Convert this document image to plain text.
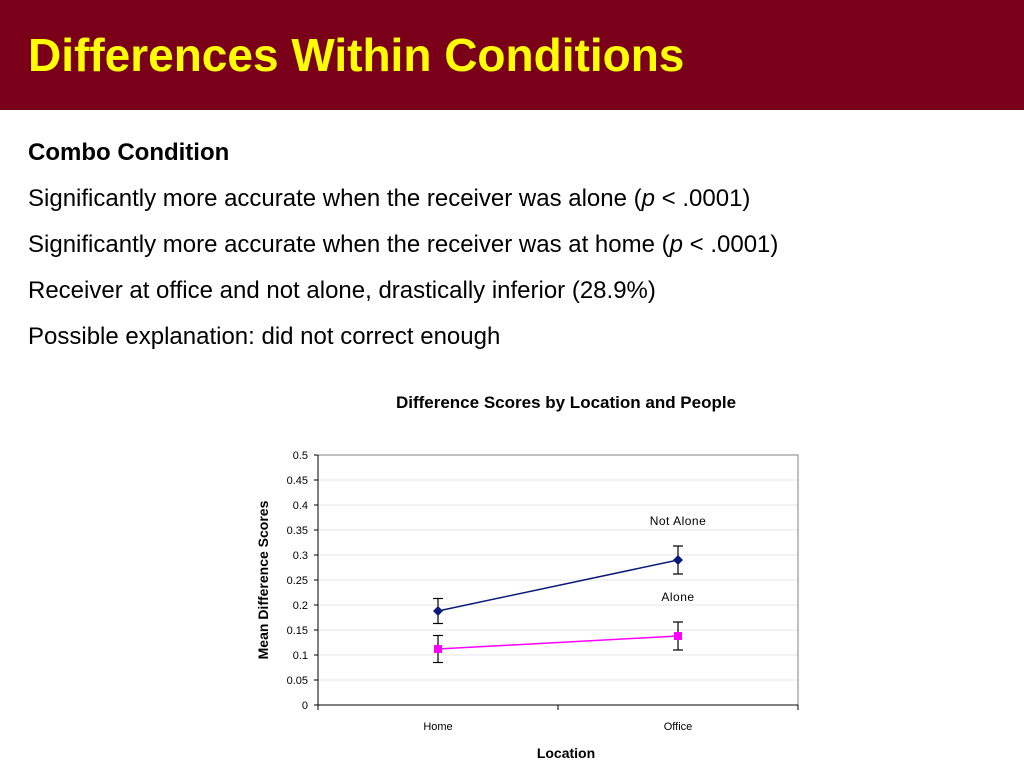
Differences Within Conditions
Combo Condition
Significantly more accurate when the receiver was alone (p < .0001)
Significantly more accurate when the receiver was at home (p < .0001)
Receiver at office and not alone, drastically inferior (28.9%)
Possible explanation: did not correct enough
Difference Scores by Location and People
0
0.05
0.1
0.15
0.2
0.25
0.3
0.35
0.4
0.45
0.5
Home	Office
Location
Mean Difference Scores	Not Alone
Alone
